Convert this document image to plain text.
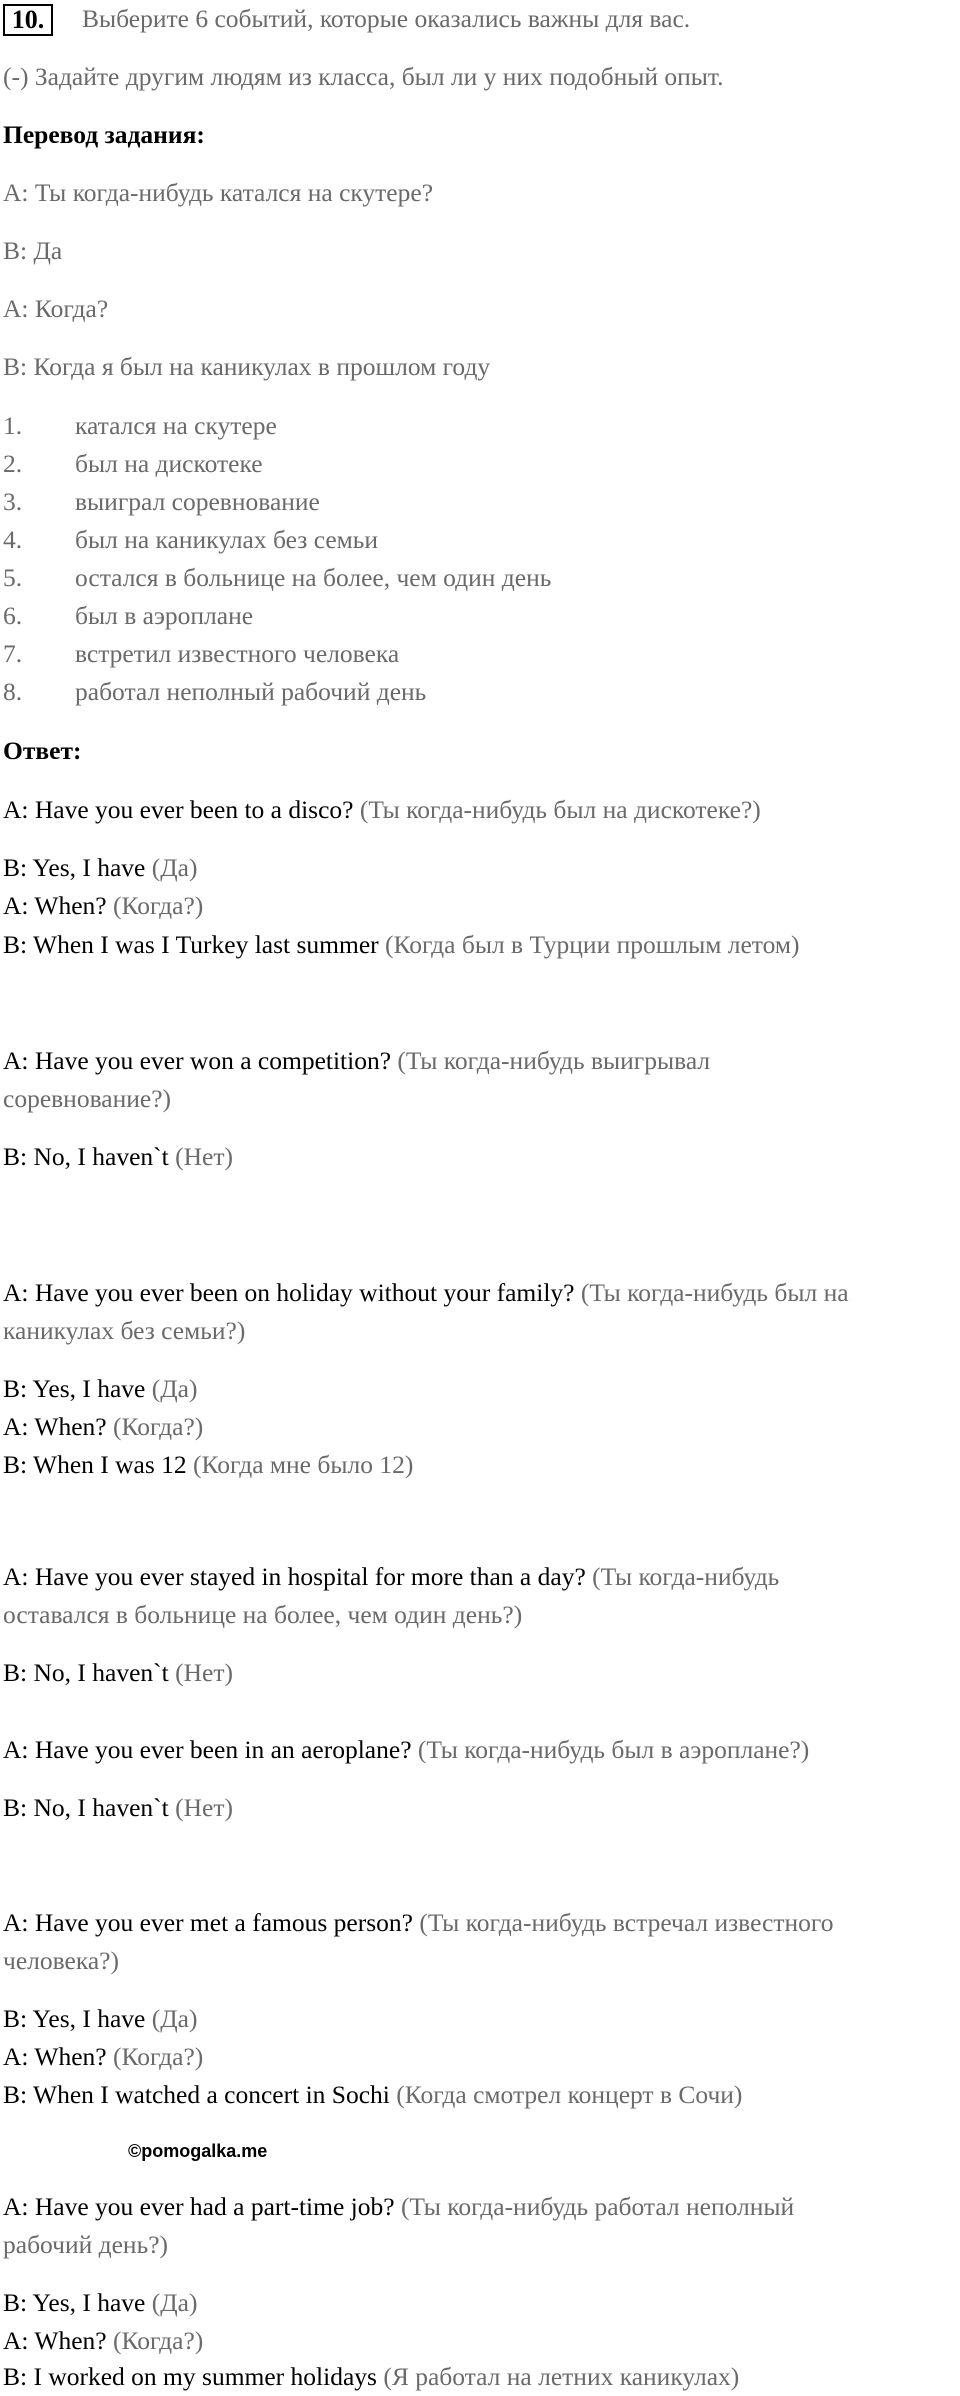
10.	Выберите 6 событий, которые оказались важны для вас.

(-) Задайте другим людям из класса, был ли у них подобный опыт.

Перевод задания:

A: Ты когда-нибудь катался на скутере?

B: Да

A: Когда?

B: Когда я был на каникулах в прошлом году

1. катался на скутере

2. был на дискотеке

3. выиграл соревнование

4. был на каникулах без семьи

5. остался в больнице на более, чем один день

6. был в аэроплане

7. встретил известного человека

8. работал неполный рабочий день

Ответ:

A: Have you ever been to a disco? (Ты когда-нибудь был на дискотеке?)

B: Yes, I have (Да)

A: When? (Когда?)

B: When I was I Turkey last summer (Когда был в Турции прошлым летом)

A: Have you ever won a competition? (Ты когда-нибудь выигрывал

соревнование?)

B: No, I haven`t (Нет)

A: Have you ever been on holiday without your family? (Ты когда-нибудь был на

каникулах без семьи?)

B: Yes, I have (Да)

A: When? (Когда?)

B: When I was 12 (Когда мне было 12)

A: Have you ever stayed in hospital for more than a day? (Ты когда-нибудь

оставался в больнице на более, чем один день?)

B: No, I haven`t (Нет)

A: Have you ever been in an aeroplane? (Ты когда-нибудь был в аэроплане?)

B: No, I haven`t (Нет)

A: Have you ever met a famous person? (Ты когда-нибудь встречал известного

человека?)

B: Yes, I have (Да)

A: When? (Когда?)

B: When I watched a concert in Sochi (Когда смотрел концерт в Сочи)

©pomogalka.me

A: Have you ever had a part-time job? (Ты когда-нибудь работал неполный

рабочий день?)

B: Yes, I have (Да)

A: When? (Когда?)

B: I worked on my summer holidays (Я работал на летних каникулах)
